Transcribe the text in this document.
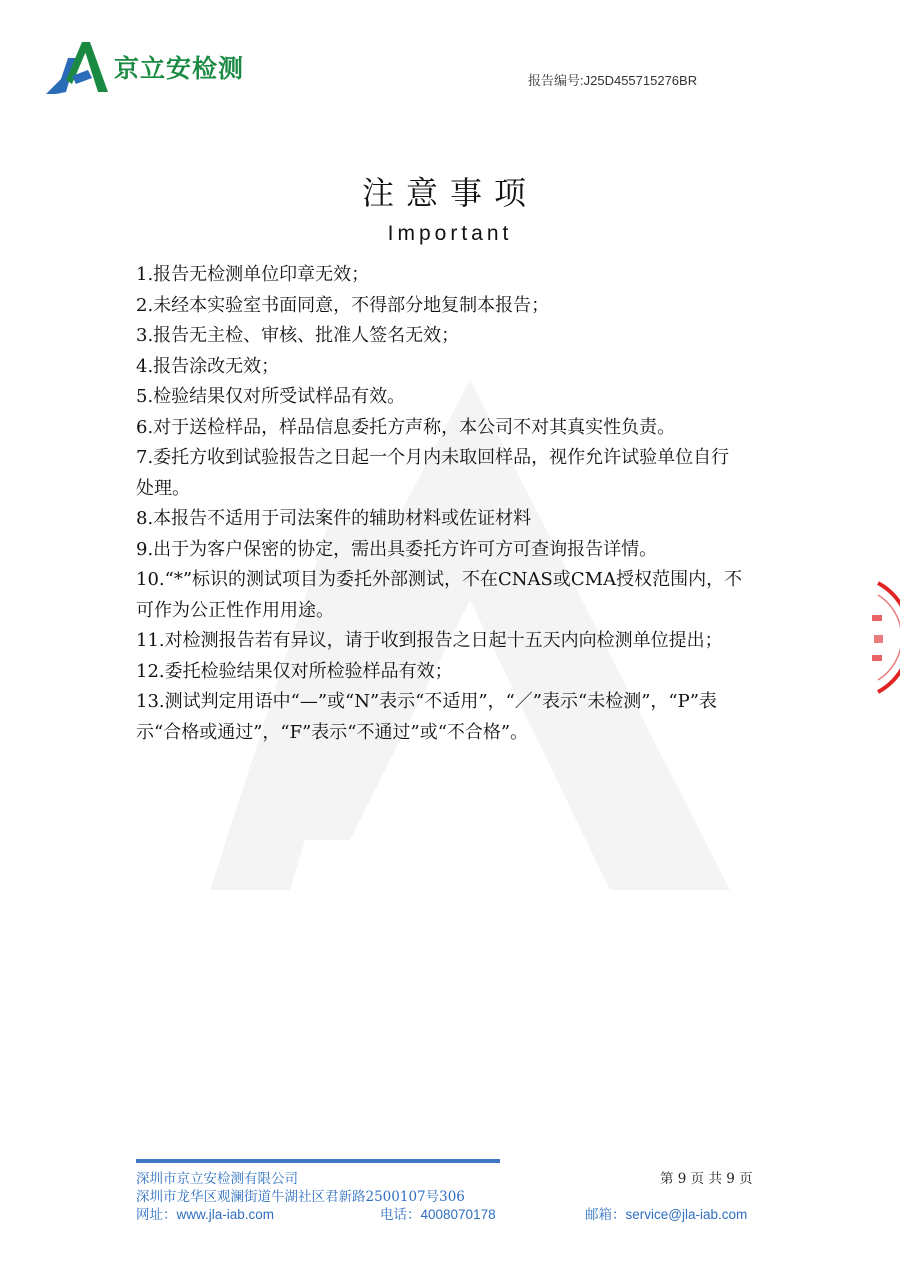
京立安检测	报告编号:J25D455715276BR
注意事项
Important
1.报告无检测单位印章无效；
2.未经本实验室书面同意，不得部分地复制本报告；
3.报告无主检、审核、批准人签名无效；
4.报告涂改无效；
5.检验结果仅对所受试样品有效。
6.对于送检样品，样品信息委托方声称，本公司不对其真实性负责。
7.委托方收到试验报告之日起一个月内未取回样品，视作允许试验单位自行处理。
8.本报告不适用于司法案件的辅助材料或佐证材料
9.出于为客户保密的协定，需出具委托方许可方可查询报告详情。
10.“*”标识的测试项目为委托外部测试，不在CNAS或CMA授权范围内，不可作为公正性作用用途。
11.对检测报告若有异议，请于收到报告之日起十五天内向检测单位提出；
12.委托检验结果仅对所检验样品有效；
13.测试判定用语中“—”或“N”表示“不适用”，“／”表示“未检测”，“P”表示“合格或通过”，“F”表示“不通过”或“不合格”。
深圳市京立安检测有限公司
深圳市龙华区观澜街道牛湖社区君新路2500107号306
网址：www.jla-iab.com	电话：4008070178	邮箱：service@jla-iab.com
第 9 页 共 9 页
